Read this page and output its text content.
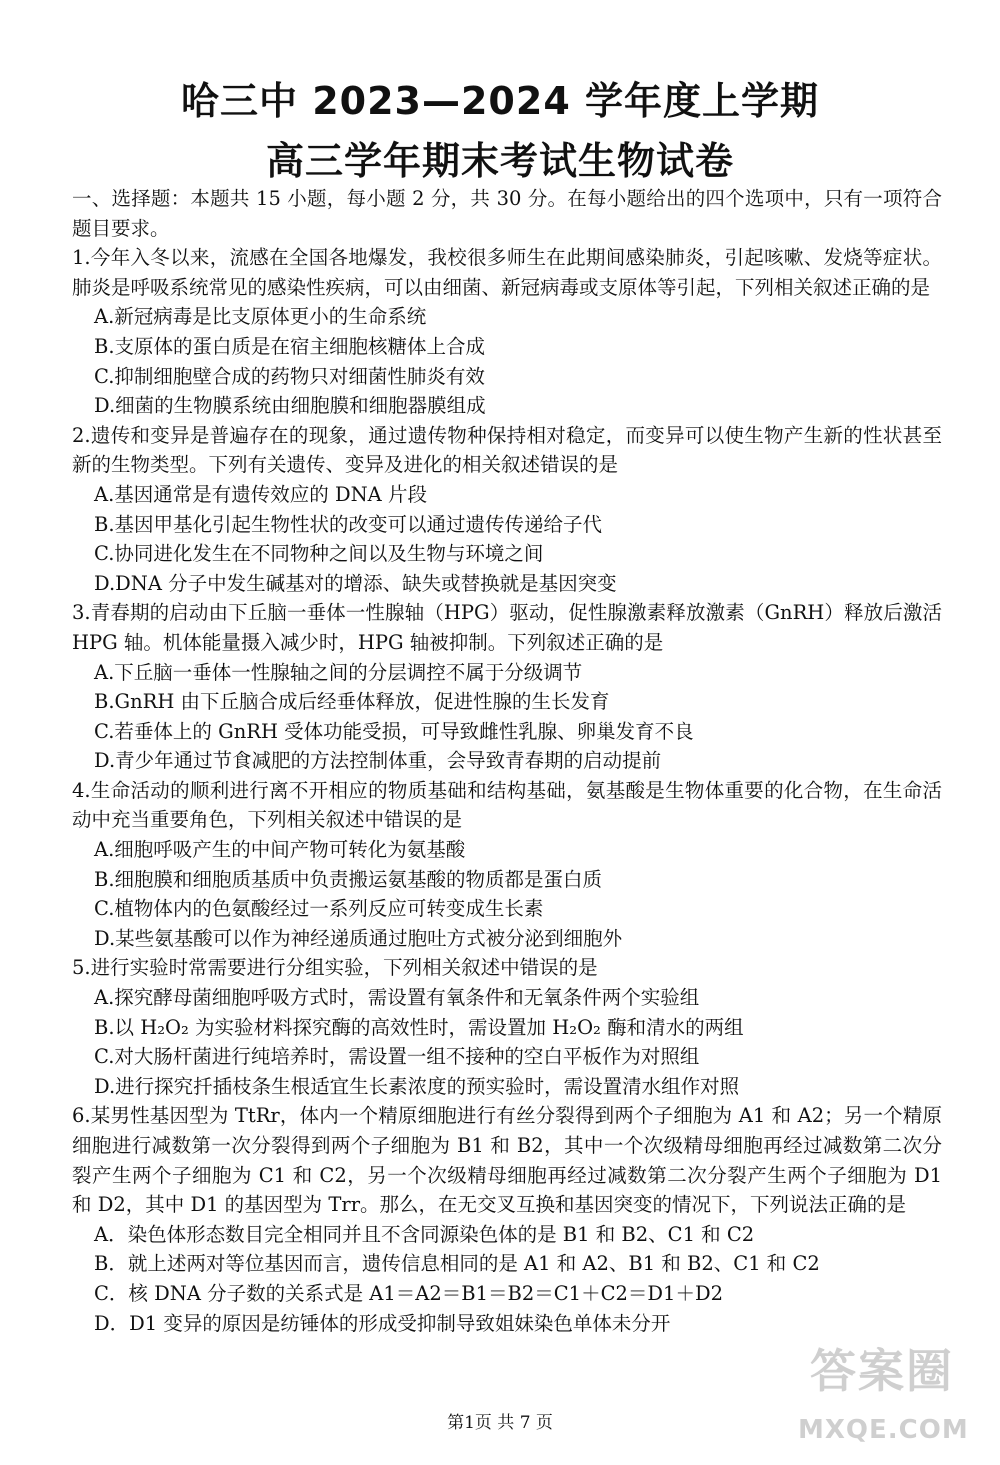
哈三中 2023—2024 学年度上学期
高三学年期末考试生物试卷

一、选择题：本题共 15 小题，每小题 2 分，共 30 分。在每小题给出的四个选项中，只有一项符合题目要求。

1.今年入冬以来，流感在全国各地爆发，我校很多师生在此期间感染肺炎，引起咳嗽、发烧等症状。肺炎是呼吸系统常见的感染性疾病，可以由细菌、新冠病毒或支原体等引起，下列相关叙述正确的是

A.新冠病毒是比支原体更小的生命系统

B.支原体的蛋白质是在宿主细胞核糖体上合成

C.抑制细胞壁合成的药物只对细菌性肺炎有效

D.细菌的生物膜系统由细胞膜和细胞器膜组成

2.遗传和变异是普遍存在的现象，通过遗传物种保持相对稳定，而变异可以使生物产生新的性状甚至新的生物类型。下列有关遗传、变异及进化的相关叙述错误的是

A.基因通常是有遗传效应的 DNA 片段

B.基因甲基化引起生物性状的改变可以通过遗传传递给子代

C.协同进化发生在不同物种之间以及生物与环境之间

D.DNA 分子中发生碱基对的增添、缺失或替换就是基因突变

3.青春期的启动由下丘脑一垂体一性腺轴（HPG）驱动，促性腺激素释放激素（GnRH）释放后激活 HPG 轴。机体能量摄入减少时，HPG 轴被抑制。下列叙述正确的是

A.下丘脑一垂体一性腺轴之间的分层调控不属于分级调节

B.GnRH 由下丘脑合成后经垂体释放，促进性腺的生长发育

C.若垂体上的 GnRH 受体功能受损，可导致雌性乳腺、卵巢发育不良

D.青少年通过节食减肥的方法控制体重，会导致青春期的启动提前

4.生命活动的顺利进行离不开相应的物质基础和结构基础，氨基酸是生物体重要的化合物，在生命活动中充当重要角色，下列相关叙述中错误的是

A.细胞呼吸产生的中间产物可转化为氨基酸

B.细胞膜和细胞质基质中负责搬运氨基酸的物质都是蛋白质

C.植物体内的色氨酸经过一系列反应可转变成生长素

D.某些氨基酸可以作为神经递质通过胞吐方式被分泌到细胞外

5.进行实验时常需要进行分组实验，下列相关叙述中错误的是

A.探究酵母菌细胞呼吸方式时，需设置有氧条件和无氧条件两个实验组

B.以 H₂O₂ 为实验材料探究酶的高效性时，需设置加 H₂O₂ 酶和清水的两组

C.对大肠杆菌进行纯培养时，需设置一组不接种的空白平板作为对照组

D.进行探究扦插枝条生根适宜生长素浓度的预实验时，需设置清水组作对照

6.某男性基因型为 TtRr，体内一个精原细胞进行有丝分裂得到两个子细胞为 A1 和 A2；另一个精原细胞进行减数第一次分裂得到两个子细胞为 B1 和 B2，其中一个次级精母细胞再经过减数第二次分裂产生两个子细胞为 C1 和 C2，另一个次级精母细胞再经过减数第二次分裂产生两个子细胞为 D1 和 D2，其中 D1 的基因型为 Trr。那么，在无交叉互换和基因突变的情况下，下列说法正确的是

A．染色体形态数目完全相同并且不含同源染色体的是 B1 和 B2、C1 和 C2

B．就上述两对等位基因而言，遗传信息相同的是 A1 和 A2、B1 和 B2、C1 和 C2

C．核 DNA 分子数的关系式是 A1＝A2＝B1＝B2＝C1＋C2＝D1＋D2

D．D1 变异的原因是纺锤体的形成受抑制导致姐妹染色单体未分开

第1页 共 7 页
答案圈
MXQE.COM
